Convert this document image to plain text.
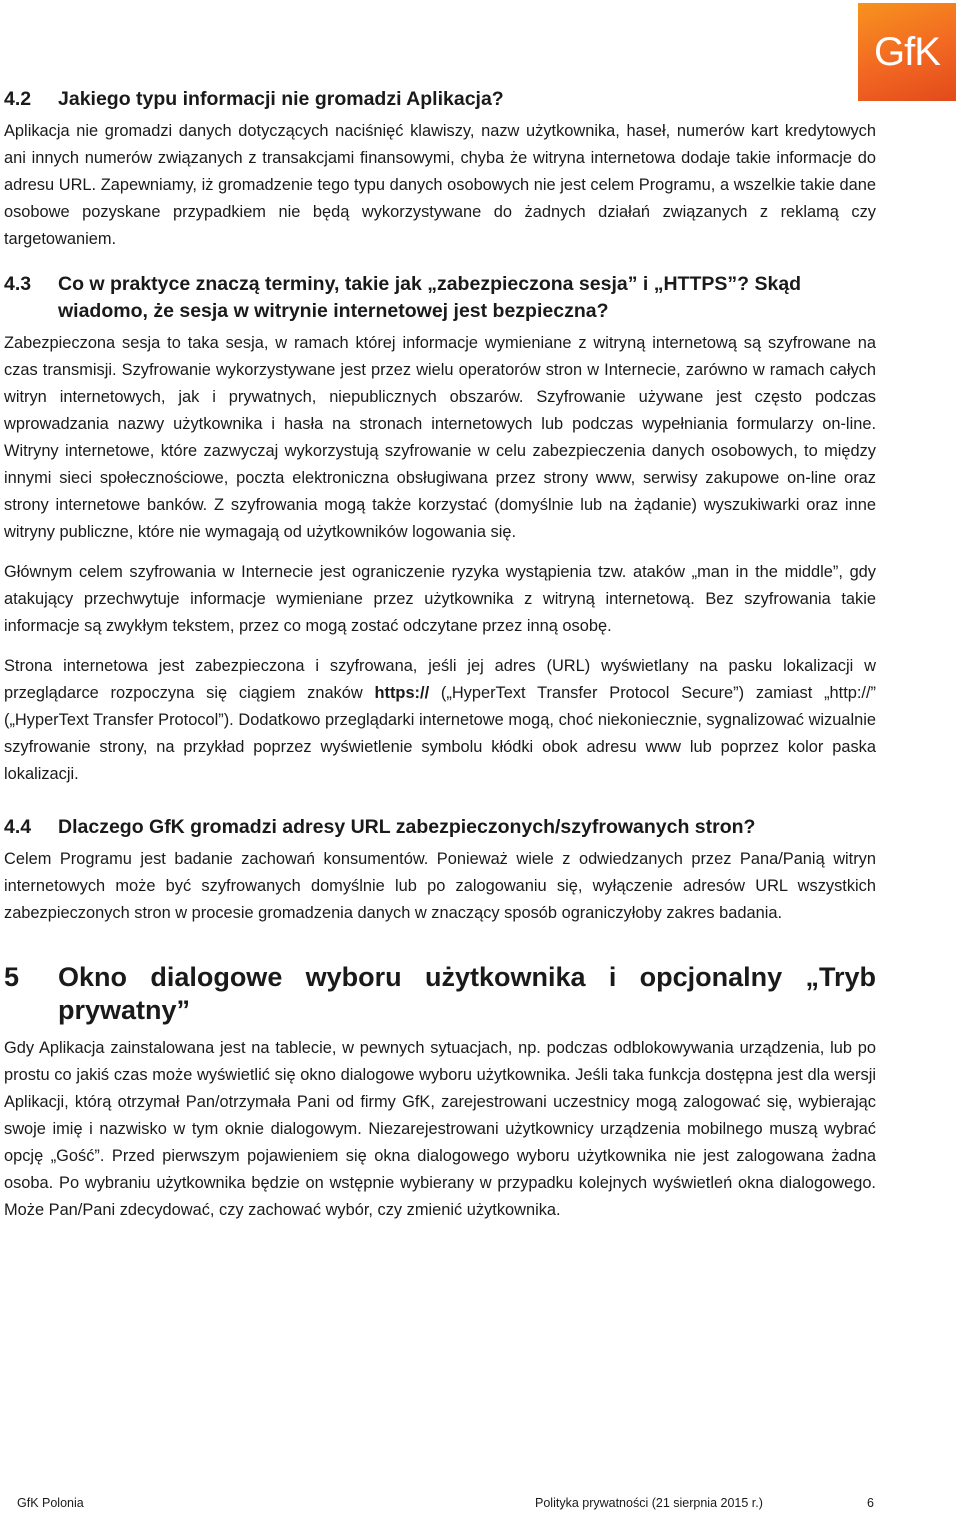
GfK
4.2	Jakiego typu informacji nie gromadzi Aplikacja?

Aplikacja nie gromadzi danych dotyczących naciśnięć klawiszy, nazw użytkownika, haseł, numerów kart kredytowych ani innych numerów związanych z transakcjami finansowymi, chyba że witryna internetowa dodaje takie informacje do adresu URL. Zapewniamy, iż gromadzenie tego typu danych osobowych nie jest celem Programu, a wszelkie takie dane osobowe pozyskane przypadkiem nie będą wykorzystywane do żadnych działań związanych z reklamą czy targetowaniem.

4.3	Co w praktyce znaczą terminy, takie jak „zabezpieczona sesja” i „HTTPS”? Skąd wiadomo, że sesja w witrynie internetowej jest bezpieczna?

Zabezpieczona sesja to taka sesja, w ramach której informacje wymieniane z witryną internetową są szyfrowane na czas transmisji. Szyfrowanie wykorzystywane jest przez wielu operatorów stron w Internecie, zarówno w ramach całych witryn internetowych, jak i prywatnych, niepublicznych obszarów. Szyfrowanie używane jest często podczas wprowadzania nazwy użytkownika i hasła na stronach internetowych lub podczas wypełniania formularzy on-line. Witryny internetowe, które zazwyczaj wykorzystują szyfrowanie w celu zabezpieczenia danych osobowych, to między innymi sieci społecznościowe, poczta elektroniczna obsługiwana przez strony www, serwisy zakupowe on-line oraz strony internetowe banków. Z szyfrowania mogą także korzystać (domyślnie lub na żądanie) wyszukiwarki oraz inne witryny publiczne, które nie wymagają od użytkowników logowania się.

Głównym celem szyfrowania w Internecie jest ograniczenie ryzyka wystąpienia tzw. ataków „man in the middle”, gdy atakujący przechwytuje informacje wymieniane przez użytkownika z witryną internetową. Bez szyfrowania takie informacje są zwykłym tekstem, przez co mogą zostać odczytane przez inną osobę.

Strona internetowa jest zabezpieczona i szyfrowana, jeśli jej adres (URL) wyświetlany na pasku lokalizacji w przeglądarce rozpoczyna się ciągiem znaków https:// („HyperText Transfer Protocol Secure”) zamiast „http://” („HyperText Transfer Protocol”). Dodatkowo przeglądarki internetowe mogą, choć niekoniecznie, sygnalizować wizualnie szyfrowanie strony, na przykład poprzez wyświetlenie symbolu kłódki obok adresu www lub poprzez kolor paska lokalizacji.

4.4	Dlaczego GfK gromadzi adresy URL zabezpieczonych/szyfrowanych stron?

Celem Programu jest badanie zachowań konsumentów. Ponieważ wiele z odwiedzanych przez Pana/Panią witryn internetowych może być szyfrowanych domyślnie lub po zalogowaniu się, wyłączenie adresów URL wszystkich zabezpieczonych stron w procesie gromadzenia danych w znaczący sposób ograniczyłoby zakres badania.

5	Okno dialogowe wyboru użytkownika i opcjonalny „Tryb prywatny”

Gdy Aplikacja zainstalowana jest na tablecie, w pewnych sytuacjach, np. podczas odblokowywania urządzenia, lub po prostu co jakiś czas może wyświetlić się okno dialogowe wyboru użytkownika. Jeśli taka funkcja dostępna jest dla wersji Aplikacji, którą otrzymał Pan/otrzymała Pani od firmy GfK, zarejestrowani uczestnicy mogą zalogować się, wybierając swoje imię i nazwisko w tym oknie dialogowym. Niezarejestrowani użytkownicy urządzenia mobilnego muszą wybrać opcję „Gość”. Przed pierwszym pojawieniem się okna dialogowego wyboru użytkownika nie jest zalogowana żadna osoba. Po wybraniu użytkownika będzie on wstępnie wybierany w przypadku kolejnych wyświetleń okna dialogowego. Może Pan/Pani zdecydować, czy zachować wybór, czy zmienić użytkownika.

GfK Polonia	Polityka prywatności (21 sierpnia 2015 r.)	6
